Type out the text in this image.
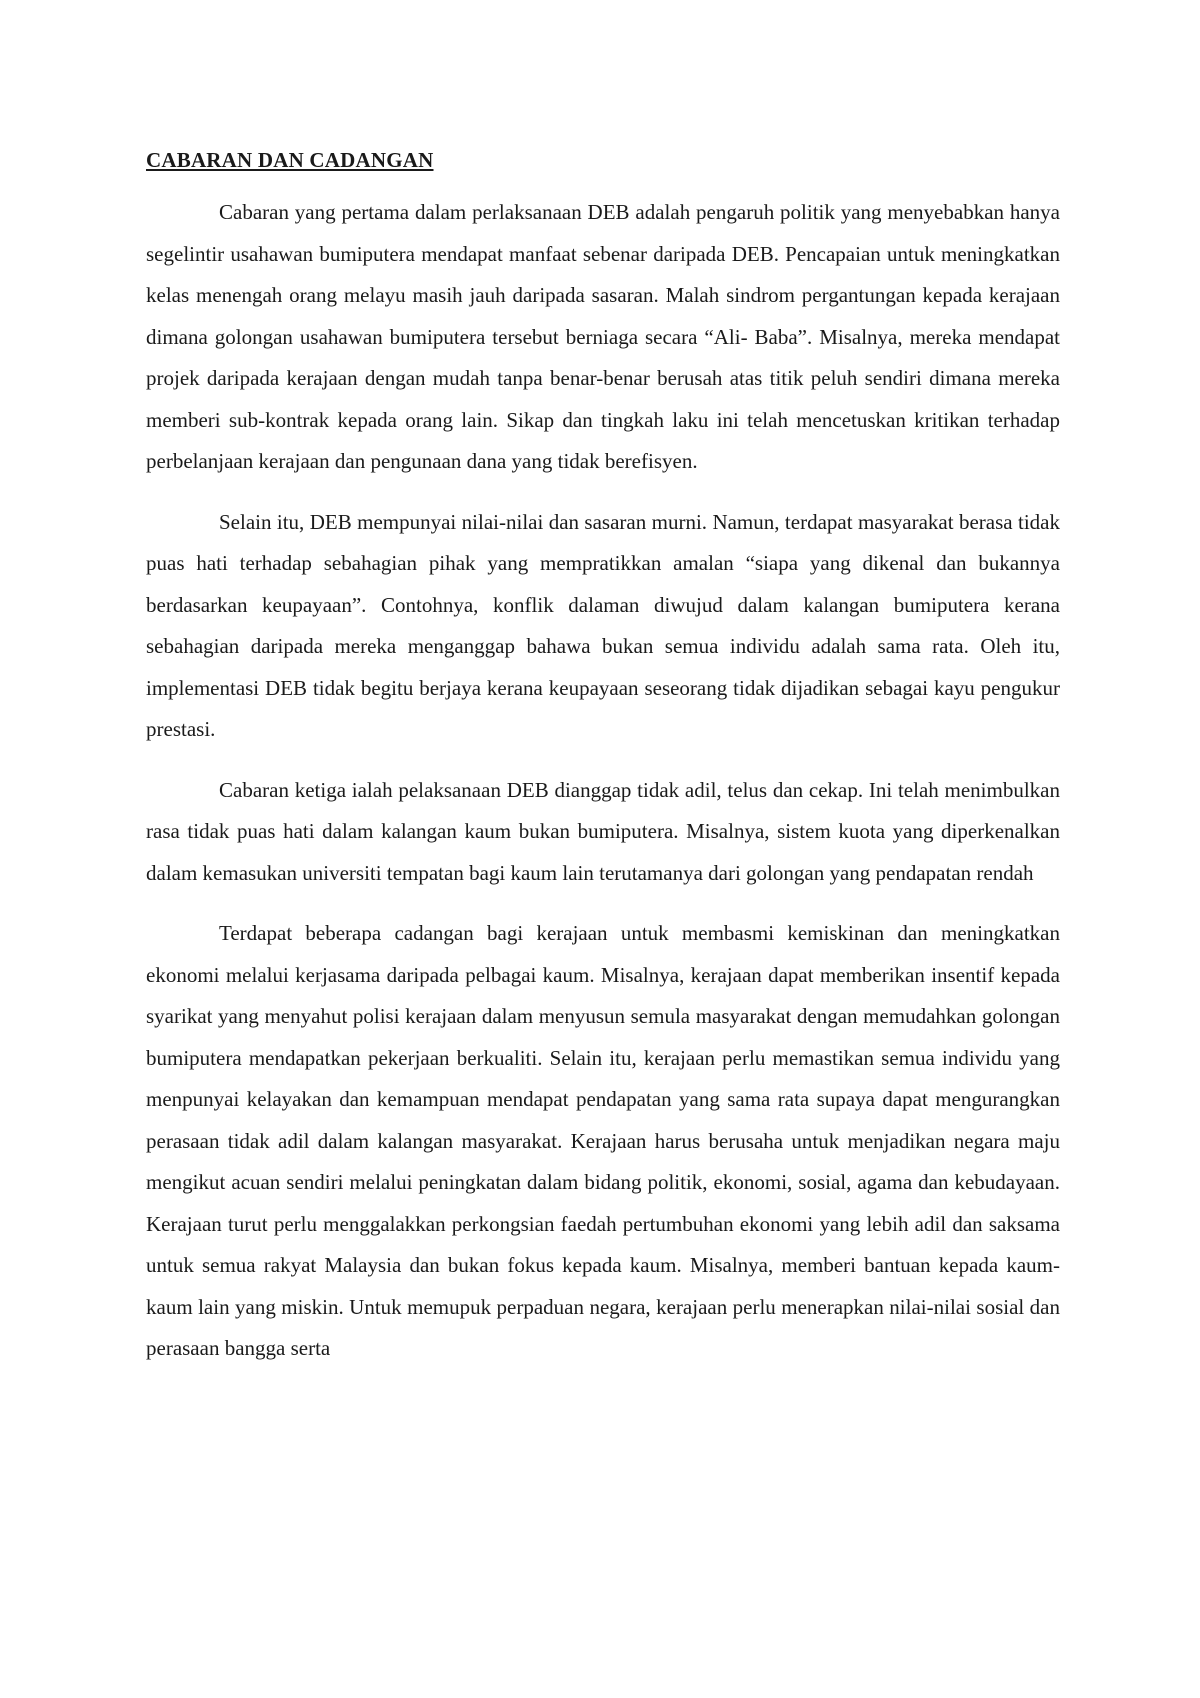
CABARAN DAN CADANGAN

Cabaran yang pertama dalam perlaksanaan DEB adalah pengaruh politik yang menyebabkan hanya segelintir usahawan bumiputera mendapat manfaat sebenar daripada DEB. Pencapaian untuk meningkatkan kelas menengah orang melayu masih jauh daripada sasaran. Malah sindrom pergantungan kepada kerajaan dimana golongan usahawan bumiputera tersebut berniaga secara “Ali- Baba”. Misalnya, mereka mendapat projek daripada kerajaan dengan mudah tanpa benar-benar berusah atas titik peluh sendiri dimana mereka memberi sub-kontrak kepada orang lain. Sikap dan tingkah laku ini telah mencetuskan kritikan terhadap perbelanjaan kerajaan dan pengunaan dana yang tidak berefisyen.

Selain itu, DEB mempunyai nilai-nilai dan sasaran murni. Namun, terdapat masyarakat berasa tidak puas hati terhadap sebahagian pihak yang mempratikkan amalan “siapa yang dikenal dan bukannya berdasarkan keupayaan”. Contohnya, konflik dalaman diwujud dalam kalangan bumiputera kerana sebahagian daripada mereka menganggap bahawa bukan semua individu adalah sama rata. Oleh itu, implementasi DEB tidak begitu berjaya kerana keupayaan seseorang tidak dijadikan sebagai kayu pengukur prestasi.

Cabaran ketiga ialah pelaksanaan DEB dianggap tidak adil, telus dan cekap. Ini telah menimbulkan rasa tidak puas hati dalam kalangan kaum bukan bumiputera. Misalnya, sistem kuota yang diperkenalkan dalam kemasukan universiti tempatan bagi kaum lain terutamanya dari golongan yang pendapatan rendah

Terdapat beberapa cadangan bagi kerajaan untuk membasmi kemiskinan dan meningkatkan ekonomi melalui kerjasama daripada pelbagai kaum. Misalnya, kerajaan dapat memberikan insentif kepada syarikat yang menyahut polisi kerajaan dalam menyusun semula masyarakat dengan memudahkan golongan bumiputera mendapatkan pekerjaan berkualiti. Selain itu, kerajaan perlu memastikan semua individu yang menpunyai kelayakan dan kemampuan mendapat pendapatan yang sama rata supaya dapat mengurangkan perasaan tidak adil dalam kalangan masyarakat. Kerajaan harus berusaha untuk menjadikan negara maju mengikut acuan sendiri melalui peningkatan dalam bidang politik, ekonomi, sosial, agama dan kebudayaan. Kerajaan turut perlu menggalakkan perkongsian faedah pertumbuhan ekonomi yang lebih adil dan saksama untuk semua rakyat Malaysia dan bukan fokus kepada kaum. Misalnya, memberi bantuan kepada kaum-kaum lain yang miskin. Untuk memupuk perpaduan negara, kerajaan perlu menerapkan nilai-nilai sosial dan perasaan bangga serta
